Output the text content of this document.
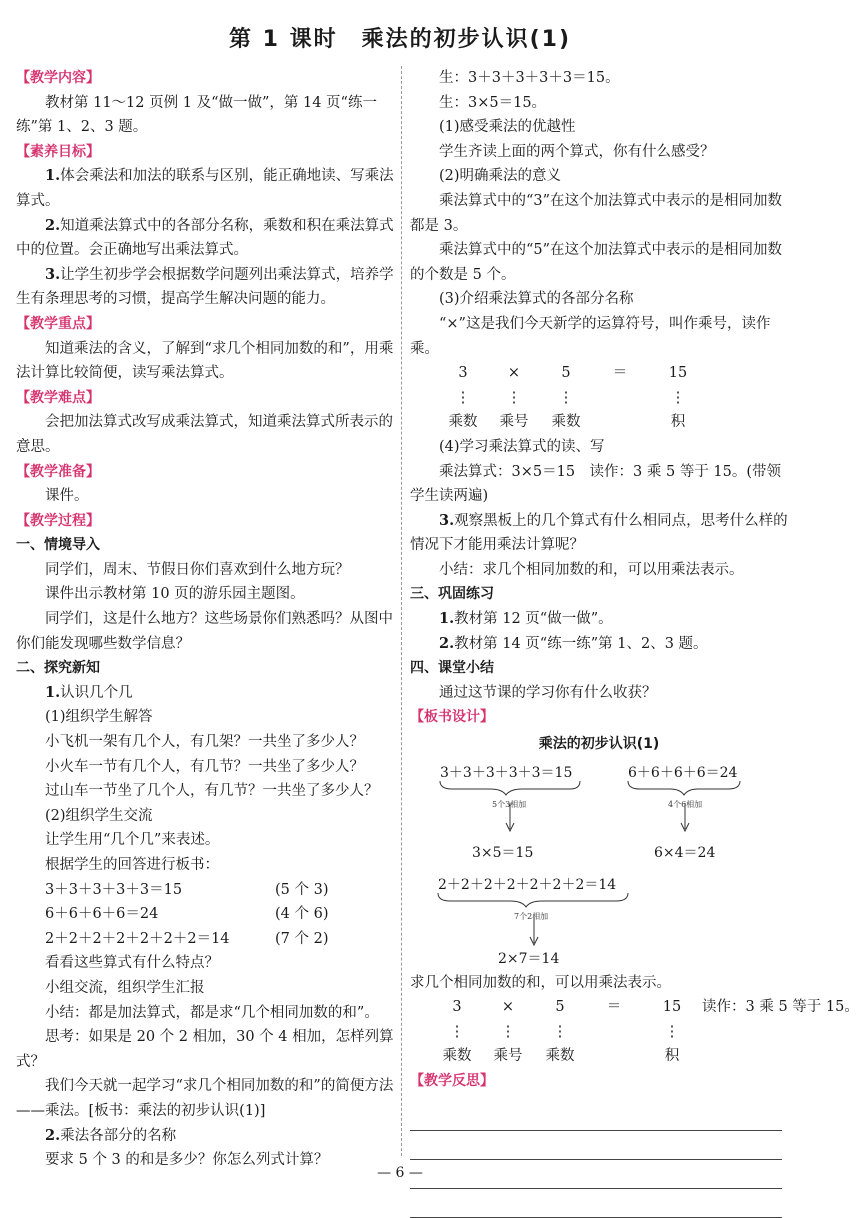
第 1 课时　乘法的初步认识(1)
【教学内容】

教材第 11～12 页例 1 及“做一做”，第 14 页“练一练”第 1、2、3 题。

【素养目标】

1.体会乘法和加法的联系与区别，能正确地读、写乘法算式。

2.知道乘法算式中的各部分名称，乘数和积在乘法算式中的位置。会正确地写出乘法算式。

3.让学生初步学会根据数学问题列出乘法算式，培养学生有条理思考的习惯，提高学生解决问题的能力。

【教学重点】

知道乘法的含义，了解到“求几个相同加数的和”，用乘法计算比较简便，读写乘法算式。

【教学难点】

会把加法算式改写成乘法算式，知道乘法算式所表示的意思。

【教学准备】

课件。

【教学过程】
一、情境导入

同学们，周末、节假日你们喜欢到什么地方玩？

课件出示教材第 10 页的游乐园主题图。

同学们，这是什么地方？这些场景你们熟悉吗？从图中你们能发现哪些数学信息？

二、探究新知

1.认识几个几

(1)组织学生解答

小飞机一架有几个人，有几架？一共坐了多少人？

小火车一节有几个人，有几节？一共坐了多少人？

过山车一节坐了几个人，有几节？一共坐了多少人？

(2)组织学生交流

让学生用“几个几”来表述。

根据学生的回答进行板书：

3＋3＋3＋3＋3＝15	(5 个 3)
6＋6＋6＋6＝24	(4 个 6)
2＋2＋2＋2＋2＋2＋2＝14	(7 个 2)

看看这些算式有什么特点？

小组交流，组织学生汇报

小结：都是加法算式，都是求“几个相同加数的和”。

思考：如果是 20 个 2 相加，30 个 4 相加，怎样列算式？

我们今天就一起学习“求几个相同加数的和”的简便方法——乘法。[板书：乘法的初步认识(1)]

2.乘法各部分的名称

要求 5 个 3 的和是多少？你怎么列式计算？

生：3＋3＋3＋3＋3＝15。

生：3×5＝15。

(1)感受乘法的优越性

学生齐读上面的两个算式，你有什么感受？

(2)明确乘法的意义

乘法算式中的“3”在这个加法算式中表示的是相同加数都是 3。

乘法算式中的“5”在这个加法算式中表示的是相同加数的个数是 5 个。

(3)介绍乘法算式的各部分名称

“×”这是我们今天新学的运算符号，叫作乘号，读作乘。

3	×	5	＝	15
⋮	⋮	⋮	⋮
乘数	乘号	乘数	积

(4)学习乘法算式的读、写

乘法算式：3×5＝15　读作：3 乘 5 等于 15。(带领学生读两遍)

3.观察黑板上的几个算式有什么相同点，思考什么样的情况下才能用乘法计算呢？

小结：求几个相同加数的和，可以用乘法表示。

三、巩固练习

1.教材第 12 页“做一做”。

2.教材第 14 页“练一练”第 1、2、3 题。

四、课堂小结

通过这节课的学习你有什么收获？

【板书设计】
乘法的初步认识(1)
3＋3＋3＋3＋3＝15
5个3相加
6＋6＋6＋6＝24
4个6相加
3×5＝15	6×4＝24
2＋2＋2＋2＋2＋2＋2＝14
7个2相加
2×7＝14

求几个相同加数的和，可以用乘法表示。

3	×	5	＝	15
⋮	⋮	⋮	⋮
乘数	乘号	乘数	积
读作：3 乘 5 等于 15。
【教学反思】
— 6 —
